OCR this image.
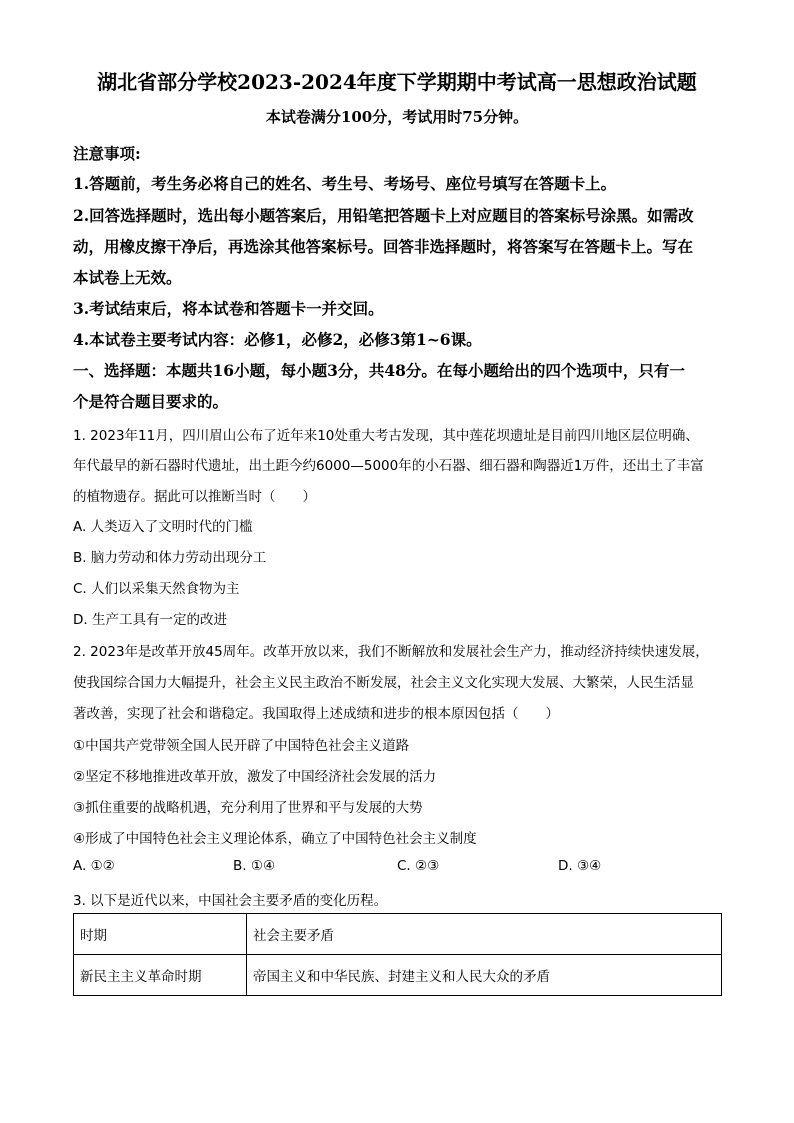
湖北省部分学校2023-2024年度下学期期中考试高一思想政治试题
本试卷满分100分，考试用时75分钟。
注意事项:
1.答题前，考生务必将自己的姓名、考生号、考场号、座位号填写在答题卡上。
2.回答选择题时，选出每小题答案后，用铅笔把答题卡上对应题目的答案标号涂黑。如需改
动，用橡皮擦干净后，再选涂其他答案标号。回答非选择题时，将答案写在答题卡上。写在
本试卷上无效。
3.考试结束后，将本试卷和答题卡一并交回。
4.本试卷主要考试内容：必修1，必修2，必修3第1~6课。
一、选择题：本题共16小题，每小题3分，共48分。在每小题给出的四个选项中，只有一
个是符合题目要求的。
1. 2023年11月，四川眉山公布了近年来10处重大考古发现，其中莲花坝遗址是目前四川地区层位明确、
年代最早的新石器时代遗址，出土距今约6000—5000年的小石器、细石器和陶器近1万件，还出土了丰富
的植物遗存。据此可以推断当时（　　）
A. 人类迈入了文明时代的门槛
B. 脑力劳动和体力劳动出现分工
C. 人们以采集天然食物为主
D. 生产工具有一定的改进
2. 2023年是改革开放45周年。改革开放以来，我们不断解放和发展社会生产力，推动经济持续快速发展，
使我国综合国力大幅提升，社会主义民主政治不断发展，社会主义文化实现大发展、大繁荣，人民生活显
著改善，实现了社会和谐稳定。我国取得上述成绩和进步的根本原因包括（　　）
①中国共产党带领全国人民开辟了中国特色社会主义道路
②坚定不移地推进改革开放，激发了中国经济社会发展的活力
③抓住重要的战略机遇，充分利用了世界和平与发展的大势
④形成了中国特色社会主义理论体系，确立了中国特色社会主义制度
A. ①②	B. ①④	C. ②③	D. ③④
3. 以下是近代以来，中国社会主要矛盾的变化历程。
时期	社会主要矛盾
新民主主义革命时期	帝国主义和中华民族、封建主义和人民大众的矛盾
